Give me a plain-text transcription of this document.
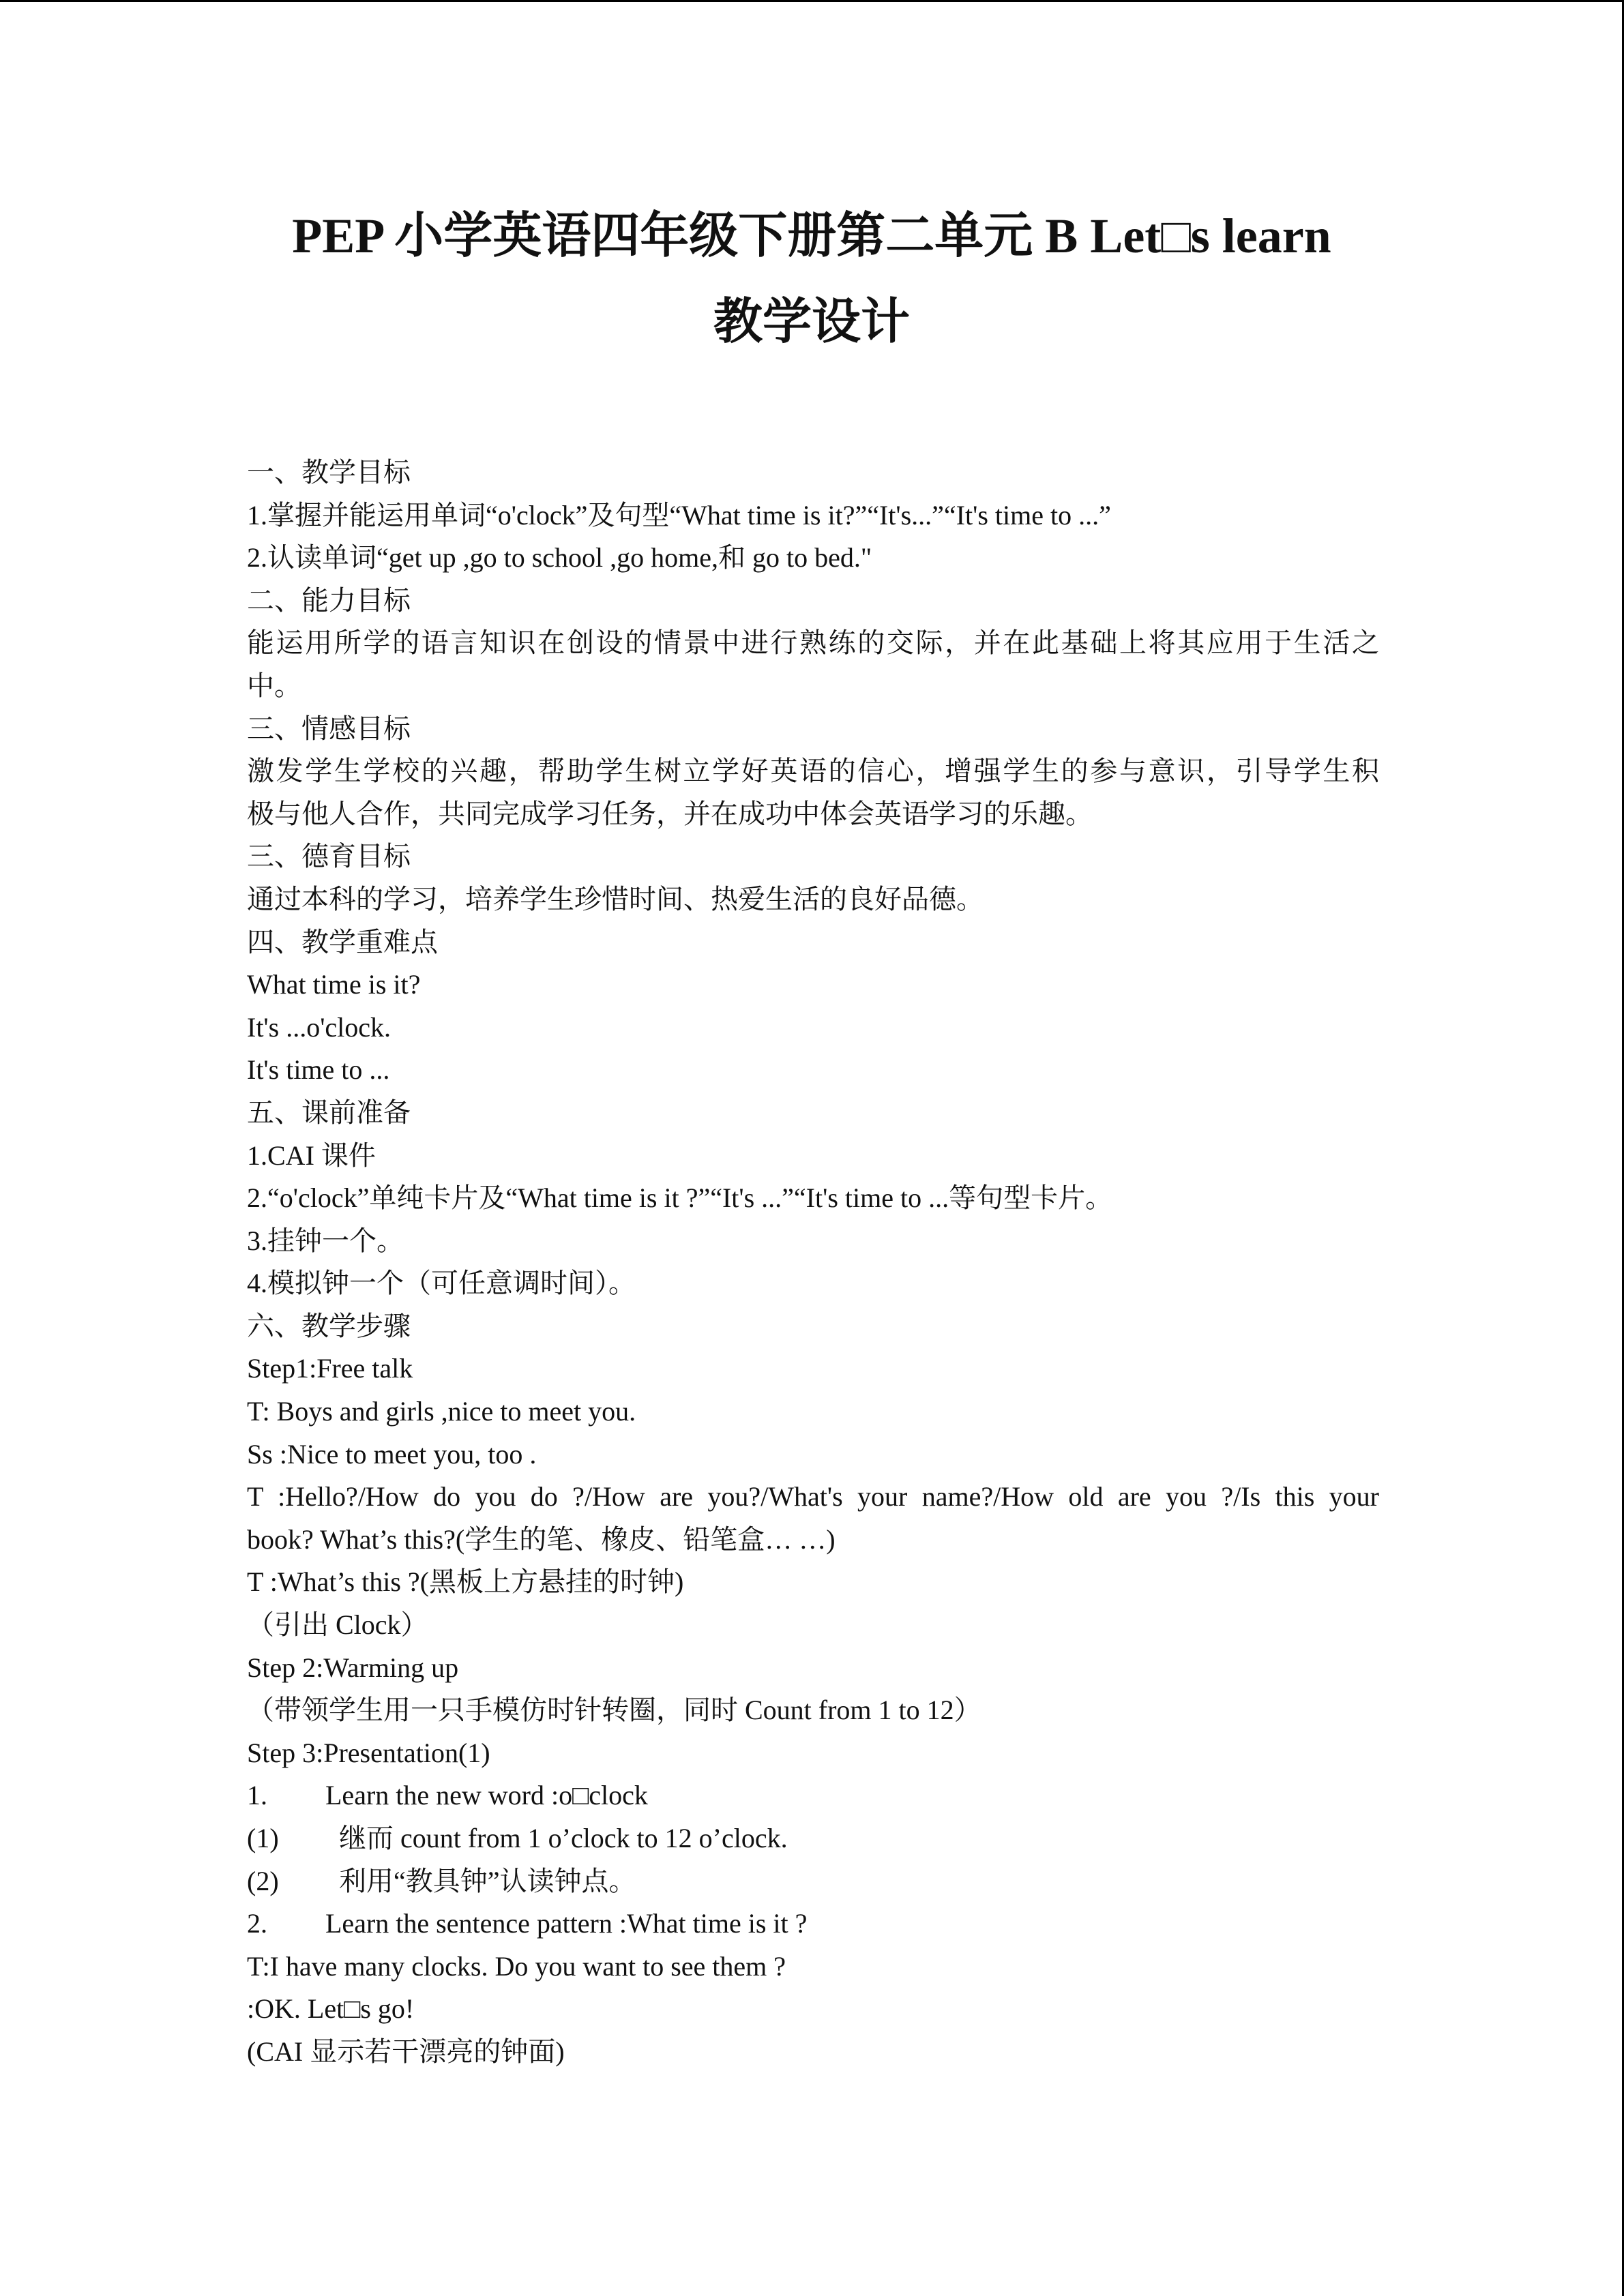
PEP 小学英语四年级下册第二单元 B Let□s learn
教学设计
一、教学目标
1.掌握并能运用单词“o'clock”及句型“What time is it?”“It's...”“It's time to ...”
2.认读单词“get up ,go to school ,go home,和 go to bed."
二、能力目标
能运用所学的语言知识在创设的情景中进行熟练的交际，并在此基础上将其应用于生活之
中。
三、情感目标
激发学生学校的兴趣，帮助学生树立学好英语的信心，增强学生的参与意识，引导学生积
极与他人合作，共同完成学习任务，并在成功中体会英语学习的乐趣。
三、德育目标
通过本科的学习，培养学生珍惜时间、热爱生活的良好品德。
四、教学重难点
What time is it?
It's ...o'clock.
It's time to ...
五、课前准备
1.CAI 课件
2.“o'clock”单纯卡片及“What time is it ?”“It's ...”“It's time to ...等句型卡片。
3.挂钟一个。
4.模拟钟一个（可任意调时间）。
六、教学步骤
Step1:Free talk
T: Boys and girls ,nice to meet you.
Ss :Nice to meet you, too .
T :Hello?/How do you do ?/How are you?/What's your name?/How old are you ?/Is this your
book? What’s this?(学生的笔、橡皮、铅笔盒… …)
T :What’s this ?(黑板上方悬挂的时钟)
（引出 Clock）
Step 2:Warming up
（带领学生用一只手模仿时针转圈，同时 Count from 1 to 12）
Step 3:Presentation(1)
1. Learn the new word :o□clock
(1) 继而 count from 1 o’clock to 12 o’clock.
(2) 利用“教具钟”认读钟点。
2. Learn the sentence pattern :What time is it ?
T:I have many clocks. Do you want to see them ?
:OK. Let□s go!
(CAI 显示若干漂亮的钟面)
